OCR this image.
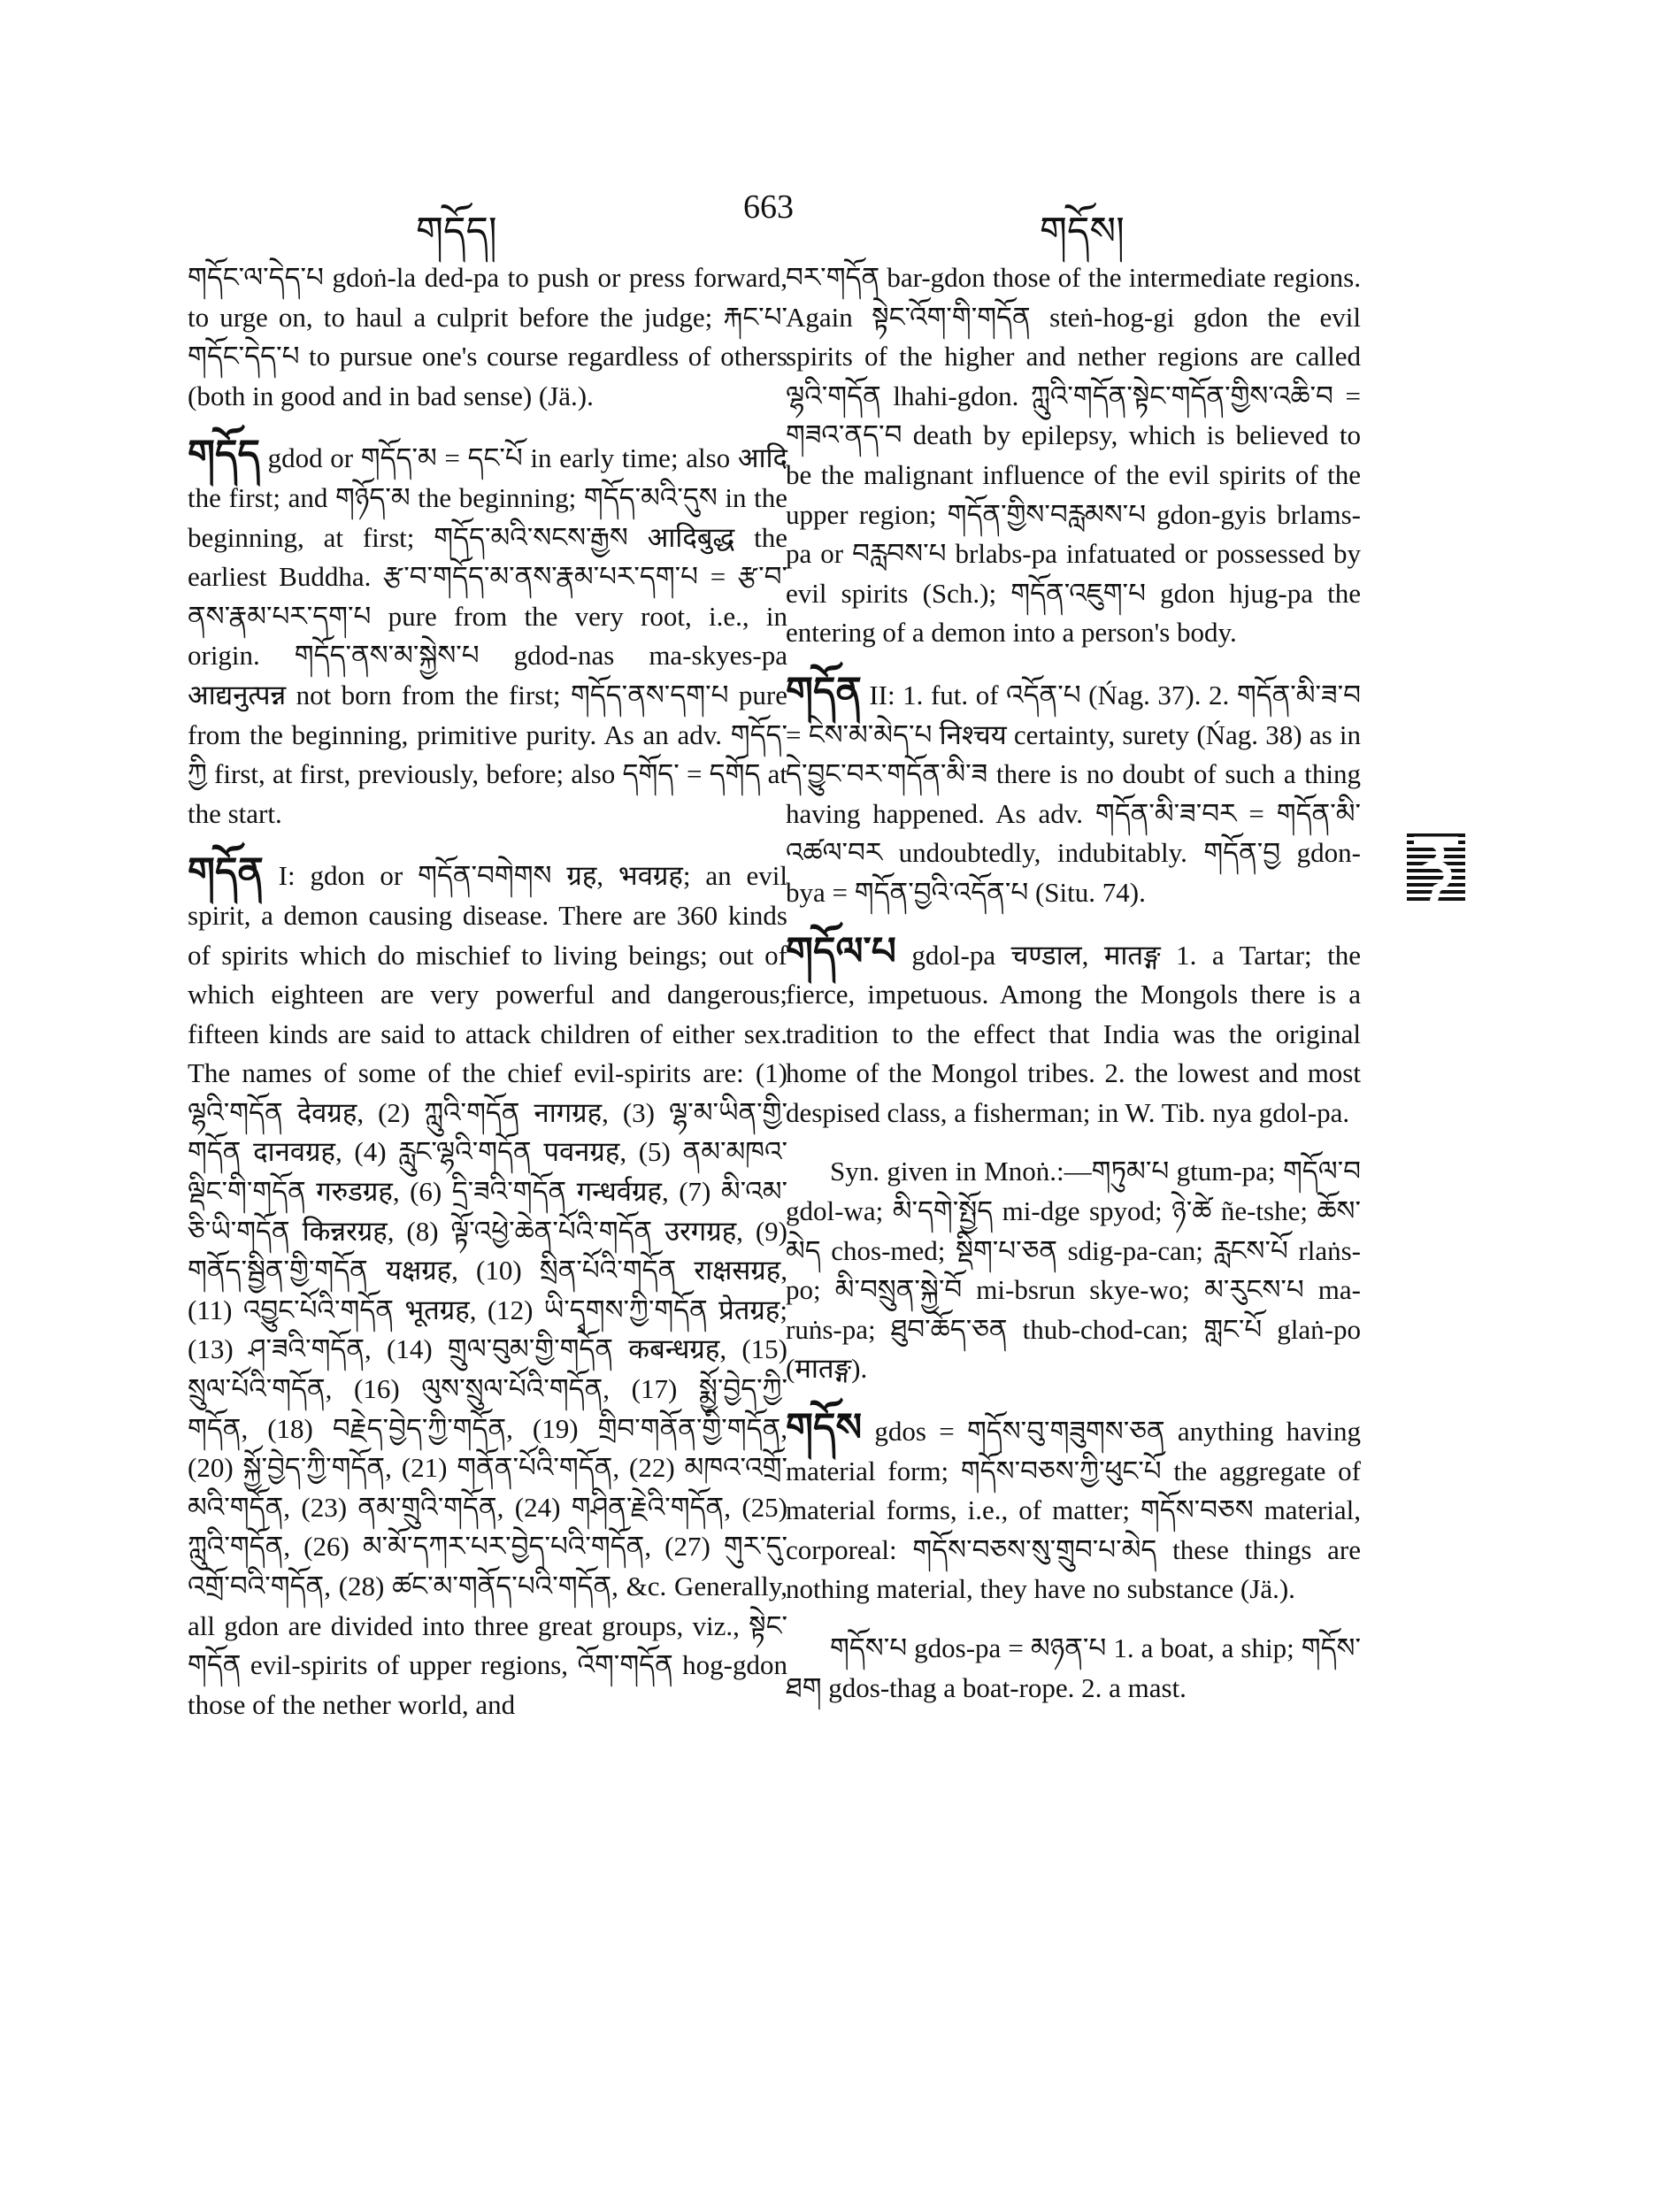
གདོད།
663
གདོས།

གདོང་ལ་དེད་པ gdoṅ-la ded-pa to push or press forward, to urge on, to haul a culprit before the judge; རྐང་པ་གདོང་དེད་པ to pursue one's course regardless of others (both in good and in bad sense) (Jä.).

གདོད gdod or གདོད་མ = དང་པོ in early time; also आदि the first; and གཉོད་མ the beginning; གདོད་མའི་དུས in the beginning, at first; གདོད་མའི་སངས་རྒྱས आदिबुद्ध the earliest Buddha. རྩ་བ་གདོད་མ་ནས་རྣམ་པར་དག་པ = རྩ་བ་ནས་རྣམ་པར་དག་པ pure from the very root, i.e., in origin. གདོད་ནས་མ་སྐྱེས་པ gdod-nas ma-skyes-pa आद्यनुत्पन्न not born from the first; གདོད་ནས་དག་པ pure from the beginning, primitive purity. As an adv. གདོད་ཀྱི first, at first, previously, before; also དགོད་ = དགོད at the start.

གདོན I: gdon or གདོན་བགེགས ग्रह, भवग्रह; an evil spirit, a demon causing disease. There are 360 kinds of spirits which do mischief to living beings; out of which eighteen are very powerful and dangerous; fifteen kinds are said to attack children of either sex. The names of some of the chief evil-spirits are: (1) ལྷའི་གདོན देवग्रह, (2) ཀླུའི་གདོན नागग्रह, (3) ལྷ་མ་ཡིན་གྱི་གདོན दानवग्रह, (4) རླུང་ལྷའི་གདོན पवनग्रह, (5) ནམ་མཁའ་ལྡིང་གི་གདོན गरुडग्रह, (6) དྲི་ཟའི་གདོན गन्धर्वग्रह, (7) མི་འམ་ཅི་ཡི་གདོན किन्नरग्रह, (8) ལྟོ་འཕྱེ་ཆེན་པོའི་གདོན उरगग्रह, (9) གནོད་སྦྱིན་གྱི་གདོན यक्षग्रह, (10) སྲིན་པོའི་གདོན राक्षसग्रह, (11) འབྱུང་པོའི་གདོན भूतग्रह, (12) ཡི་དྭགས་ཀྱི་གདོན प्रेतग्रह; (13) ཤ་ཟའི་གདོན, (14) གྲུལ་བུམ་གྱི་གདོན कबन्धग्रह, (15) སྲུལ་པོའི་གདོན, (16) ལུས་སྲུལ་པོའི་གདོན, (17) སྨྱོ་བྱེད་ཀྱི་གདོན, (18) བརྗེད་བྱེད་ཀྱི་གདོན, (19) གྲིབ་གནོན་གྱི་གདོན, (20) སྐྱོ་བྱེད་ཀྱི་གདོན, (21) གནོན་པོའི་གདོན, (22) མཁའ་འགྲོ་མའི་གདོན, (23) ནམ་གྲུའི་གདོན, (24) གཤིན་རྗེའི་གདོན, (25) ཀླུའི་གདོན, (26) མ་མོ་དཀར་པར་བྱེད་པའི་གདོན, (27) གུར་དུ་འགྲོ་བའི་གདོན, (28) ཚང་མ་གནོད་པའི་གདོན, &c. Generally, all gdon are divided into three great groups, viz., སྟེང་གདོན evil-spirits of upper regions, འོག་གདོན hog-gdon those of the nether world, and

བར་གདོན bar-gdon those of the intermediate regions. Again སྟེང་འོག་གི་གདོན steṅ-hog-gi gdon the evil spirits of the higher and nether regions are called ལྷའི་གདོན lhahi-gdon. ཀླུའི་གདོན་སྟེང་གདོན་གྱིས་འཆི་བ = གཟའ་ནད་བ death by epilepsy, which is believed to be the malignant influence of the evil spirits of the upper region; གདོན་གྱིས་བརླམས་པ gdon-gyis brlams-pa or བརླབས་པ brlabs-pa infatuated or possessed by evil spirits (Sch.); གདོན་འཇུག་པ gdon hjug-pa the entering of a demon into a person's body.

གདོན II: 1. fut. of འདོན་པ (Ńag. 37). 2. གདོན་མི་ཟ་བ = ངེས་མ་མེད་པ निश्चय certainty, surety (Ńag. 38) as in དེ་བྱུང་བར་གདོན་མི་ཟ there is no doubt of such a thing having happened. As adv. གདོན་མི་ཟ་བར = གདོན་མི་འཚལ་བར undoubtedly, indubitably. གདོན་བྱ gdon-bya = གདོན་བྱའི་འདོན་པ (Situ. 74).

གདོལ་པ gdol-pa चण्डाल, मातङ्ग 1. a Tartar; the fierce, impetuous. Among the Mongols there is a tradition to the effect that India was the original home of the Mongol tribes. 2. the lowest and most despised class, a fisherman; in W. Tib. nya gdol-pa.

Syn. given in Mnoṅ.:—གཏུམ་པ gtum-pa; གདོལ་བ gdol-wa; མི་དགེ་སྤྱོད mi-dge spyod; ཉེ་ཚེ ñe-tshe; ཆོས་མེད chos-med; སྡིག་པ་ཅན sdig-pa-can; རླངས་པོ rlaṅs-po; མི་བསྲུན་སྐྱེ་བོ mi-bsrun skye-wo; མ་རུངས་པ ma-ruṅs-pa; ཐུབ་ཆོད་ཅན thub-chod-can; གླང་པོ glaṅ-po (मातङ्ग).

གདོས gdos = གདོས་བུ་གཟུགས་ཅན anything having material form; གདོས་བཅས་ཀྱི་ཕུང་པོ the aggregate of material forms, i.e., of matter; གདོས་བཅས material, corporeal: གདོས་བཅས་སུ་གྲུབ་པ་མེད these things are nothing material, they have no substance (Jä.).

གདོས་པ gdos-pa = མཉན་པ 1. a boat, a ship; གདོས་ཐག gdos-thag a boat-rope. 2. a mast.
